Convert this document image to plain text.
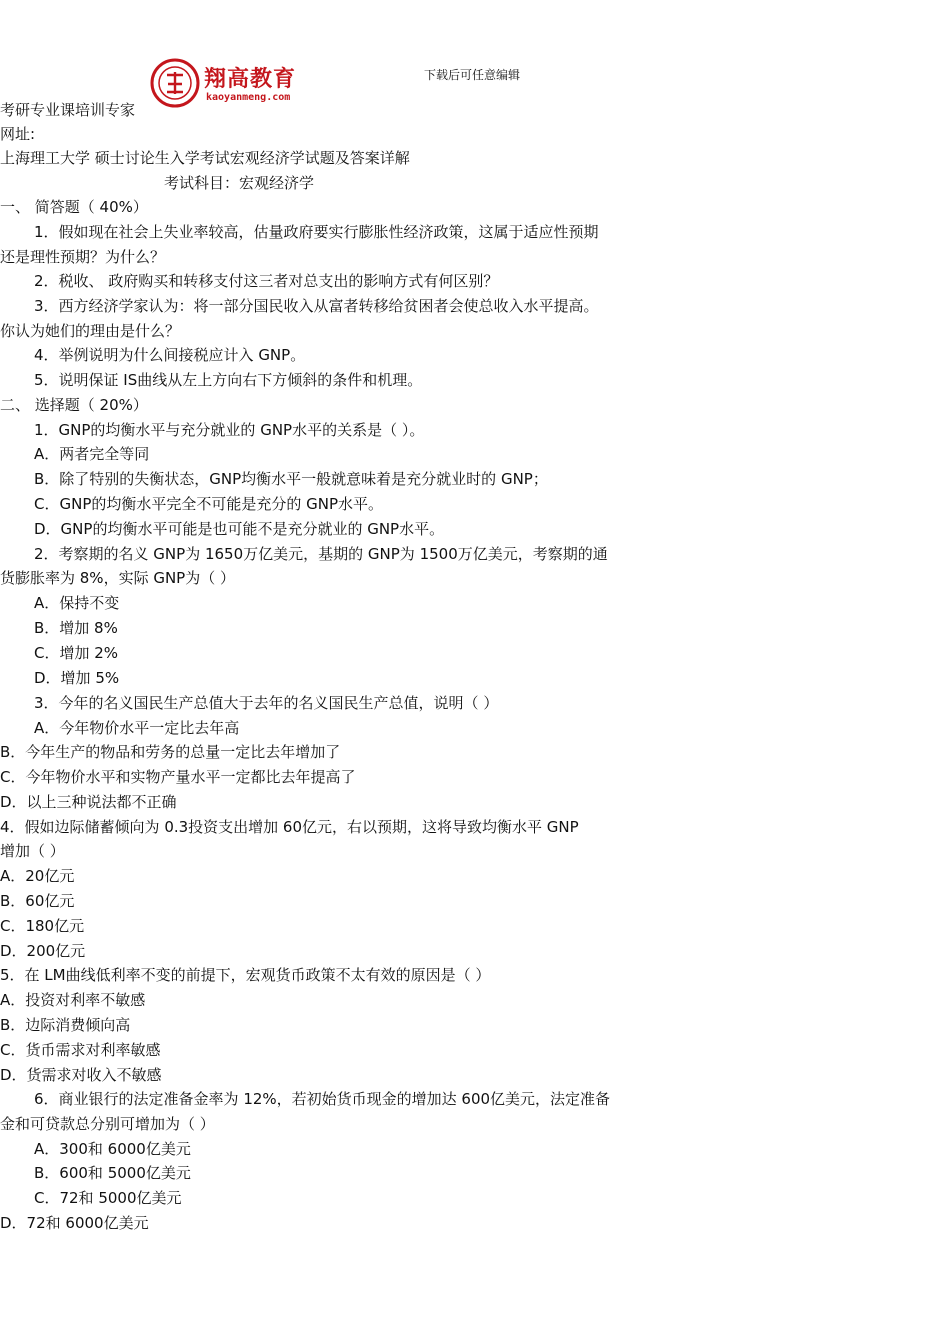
翔高教育
kaoyanmeng.com
下载后可任意编辑
考研专业课培训专家
网址:
上海理工大学 硕士讨论生入学考试宏观经济学试题及答案详解
考试科目：宏观经济学
一、 简答题（ 40%）
1．假如现在社会上失业率较高，估量政府要实行膨胀性经济政策，这属于适应性预期
还是理性预期？为什么？
2．税收、 政府购买和转移支付这三者对总支出的影响方式有何区别？
3．西方经济学家认为：将一部分国民收入从富者转移给贫困者会使总收入水平提高。
你认为她们的理由是什么？
4．举例说明为什么间接税应计入 GNP。
5．说明保证 IS曲线从左上方向右下方倾斜的条件和机理。
二、 选择题（ 20%）
1．GNP的均衡水平与充分就业的 GNP水平的关系是（ ）。
A．两者完全等同
B．除了特别的失衡状态，GNP均衡水平一般就意味着是充分就业时的 GNP；
C．GNP的均衡水平完全不可能是充分的 GNP水平。
D．GNP的均衡水平可能是也可能不是充分就业的 GNP水平。
2．考察期的名义 GNP为 1650万亿美元，基期的 GNP为 1500万亿美元，考察期的通
货膨胀率为 8%，实际 GNP为（ ）
A．保持不变
B．增加 8%
C．增加 2%
D．增加 5%
3．今年的名义国民生产总值大于去年的名义国民生产总值，说明（ ）
A．今年物价水平一定比去年高
B．今年生产的物品和劳务的总量一定比去年增加了
C．今年物价水平和实物产量水平一定都比去年提高了
D．以上三种说法都不正确
4．假如边际储蓄倾向为 0.3投资支出增加 60亿元，右以预期，这将导致均衡水平 GNP
增加（ ）
A．20亿元
B．60亿元
C．180亿元
D．200亿元
5．在 LM曲线低利率不变的前提下，宏观货币政策不太有效的原因是（ ）
A．投资对利率不敏感
B．边际消费倾向高
C．货币需求对利率敏感
D．货需求对收入不敏感
6．商业银行的法定准备金率为 12%，若初始货币现金的增加达 600亿美元，法定准备
金和可贷款总分别可增加为（ ）
A．300和 6000亿美元
B．600和 5000亿美元
C．72和 5000亿美元
D．72和 6000亿美元
